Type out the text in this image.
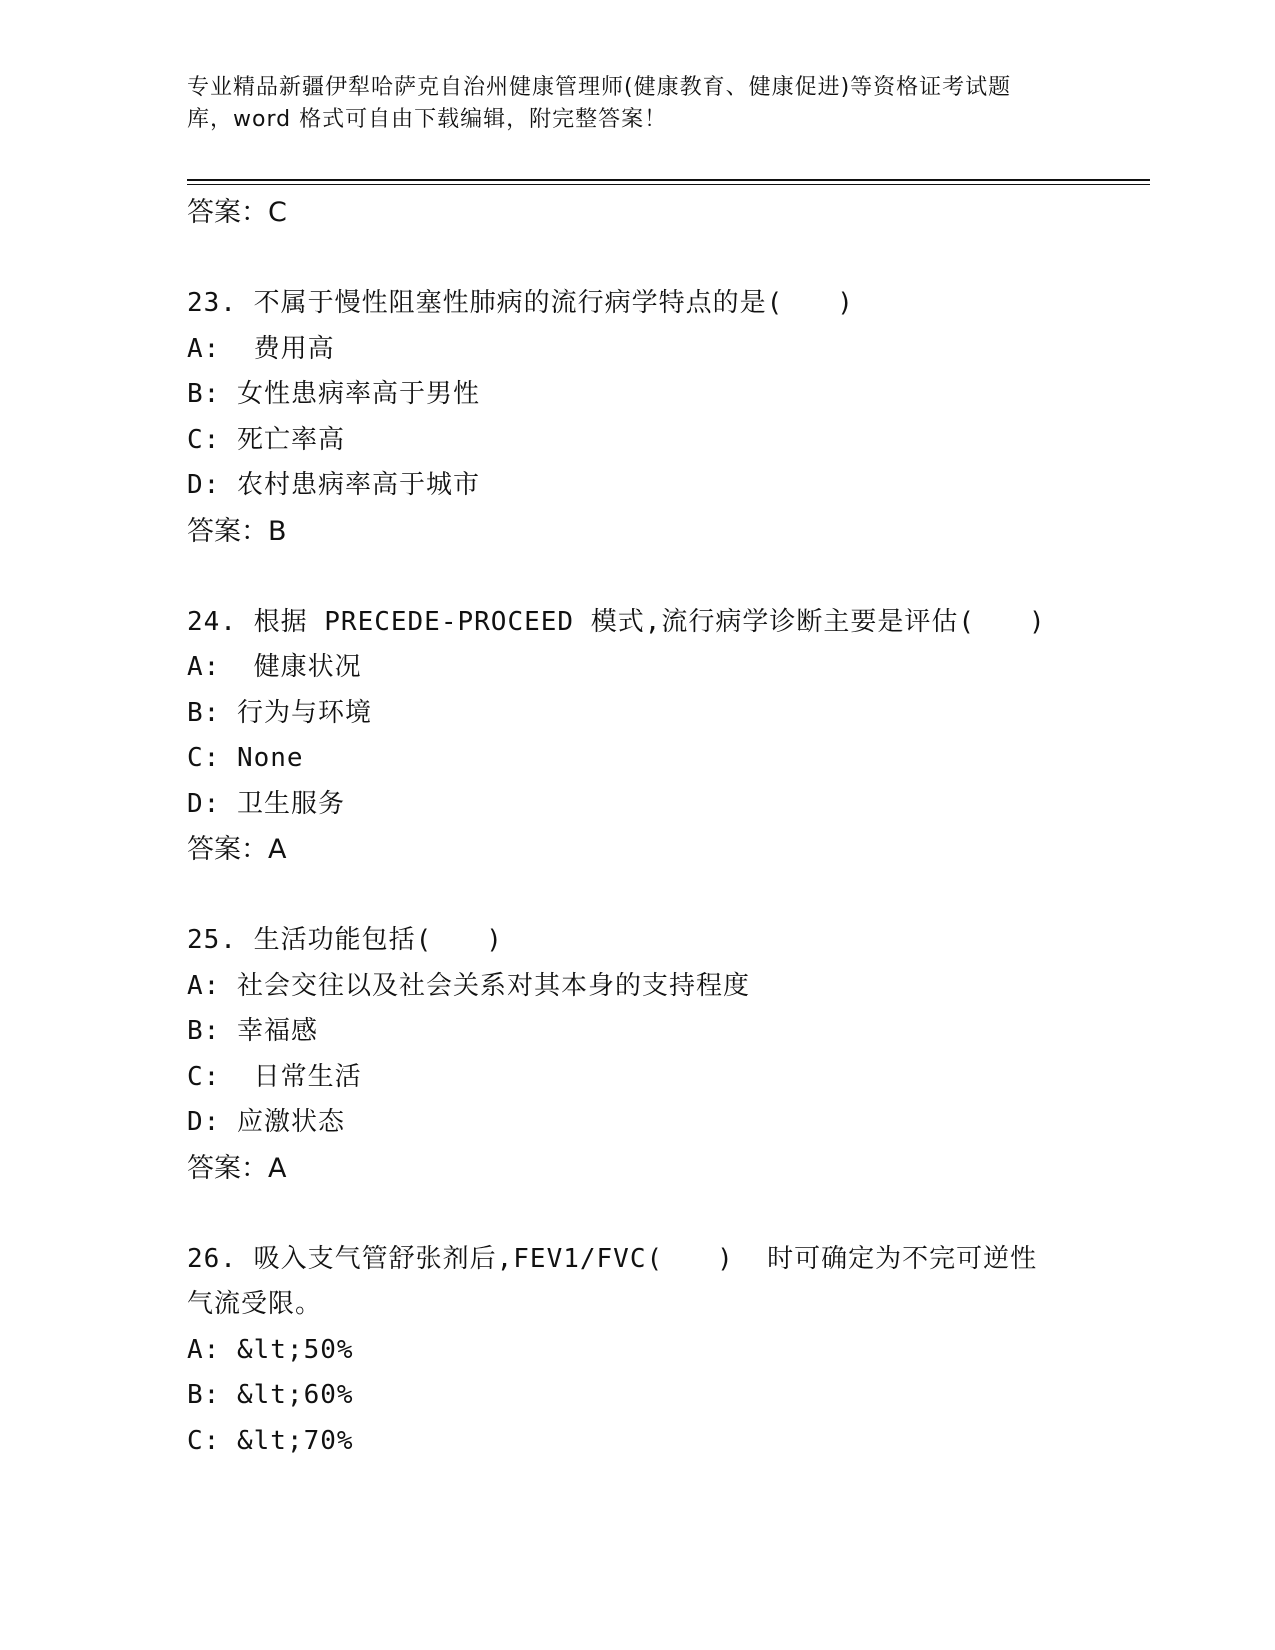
专业精品新疆伊犁哈萨克自治州健康管理师(健康教育、健康促进)等资格证考试题
库，word 格式可自由下载编辑，附完整答案！
答案：C
23. 不属于慢性阻塞性肺病的流行病学特点的是(　　)
A:  费用高
B: 女性患病率高于男性
C: 死亡率高
D: 农村患病率高于城市
答案：B
24. 根据 PRECEDE-PROCEED 模式,流行病学诊断主要是评估(　　)
A:  健康状况
B: 行为与环境
C: None
D: 卫生服务
答案：A
25. 生活功能包括(　　)
A: 社会交往以及社会关系对其本身的支持程度
B: 幸福感
C:  日常生活
D: 应激状态
答案：A
26. 吸入支气管舒张剂后,FEV1/FVC(　　)  时可确定为不完可逆性
气流受限。
A: &lt;50%
B: &lt;60%
C: &lt;70%
